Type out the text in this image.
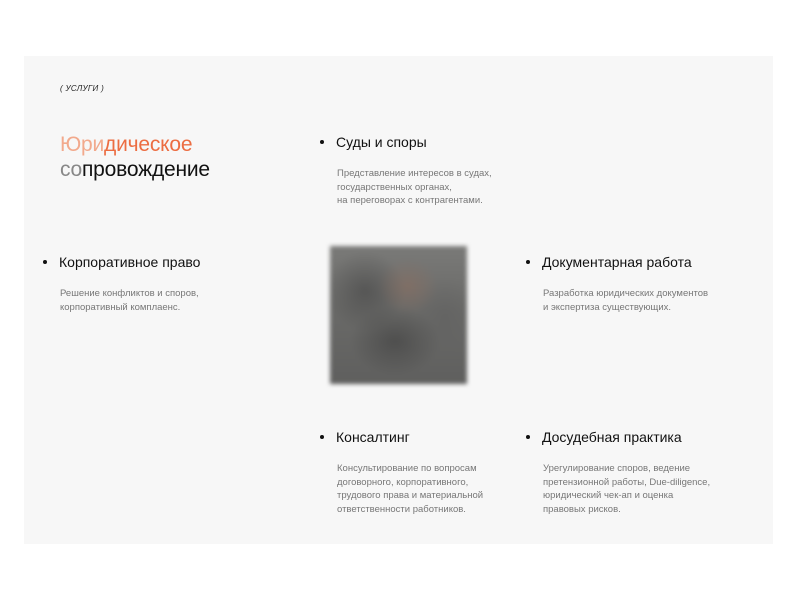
( УСЛУГИ )
Юридическое
сопровождение
Суды и споры
Представление интересов в судах,
государственных органах,
на переговорах с контрагентами.
Корпоративное право
Решение конфликтов и споров,
корпоративный комплаенс.
Документарная работа
Разработка юридических документов
и экспертиза существующих.
Консалтинг
Консультирование по вопросам
договорного, корпоративного,
трудового права и материальной
ответственности работников.
Досудебная практика
Урегулирование споров, ведение
претензионной работы, Due-diligence,
юридический чек-ап и оценка
правовых рисков.
